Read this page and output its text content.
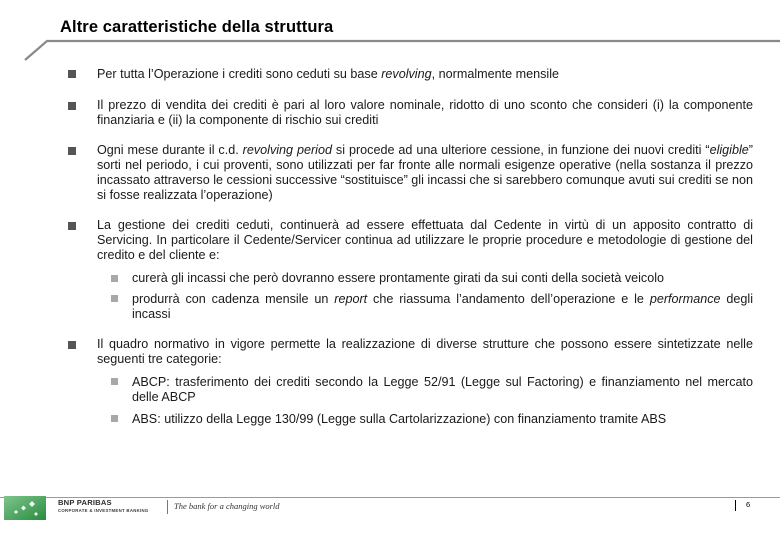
Altre caratteristiche della struttura
Per tutta l’Operazione i crediti sono ceduti su base revolving, normalmente mensile
Il prezzo di vendita dei crediti è pari al loro valore nominale, ridotto di uno sconto che consideri (i) la componente finanziaria e (ii) la componente di rischio sui crediti
Ogni mese durante il c.d. revolving period si procede ad una ulteriore cessione, in funzione dei nuovi crediti “eligible” sorti nel periodo, i cui proventi, sono utilizzati per far fronte alle normali esigenze operative (nella sostanza il prezzo incassato attraverso le cessioni successive “sostituisce” gli incassi che si sarebbero comunque avuti sui crediti se non si fosse realizzata l’operazione)
La gestione dei crediti ceduti, continuerà ad essere effettuata dal Cedente in virtù di un apposito contratto di Servicing. In particolare il Cedente/Servicer continua ad utilizzare le proprie procedure e metodologie di gestione del credito e del cliente e:
curerà gli incassi che però dovranno essere prontamente girati da sui conti della società veicolo
produrrà con cadenza mensile un report che riassuma l’andamento dell’operazione e le performance degli incassi
Il quadro normativo in vigore permette la realizzazione di diverse strutture che possono essere sintetizzate nelle seguenti tre categorie:
ABCP: trasferimento dei crediti secondo la Legge 52/91 (Legge sul Factoring) e finanziamento nel mercato delle ABCP
ABS: utilizzo della Legge 130/99 (Legge sulla Cartolarizzazione) con finanziamento tramite ABS
BNP PARIBAS
CORPORATE & INVESTMENT BANKING	The bank for a changing world	6
